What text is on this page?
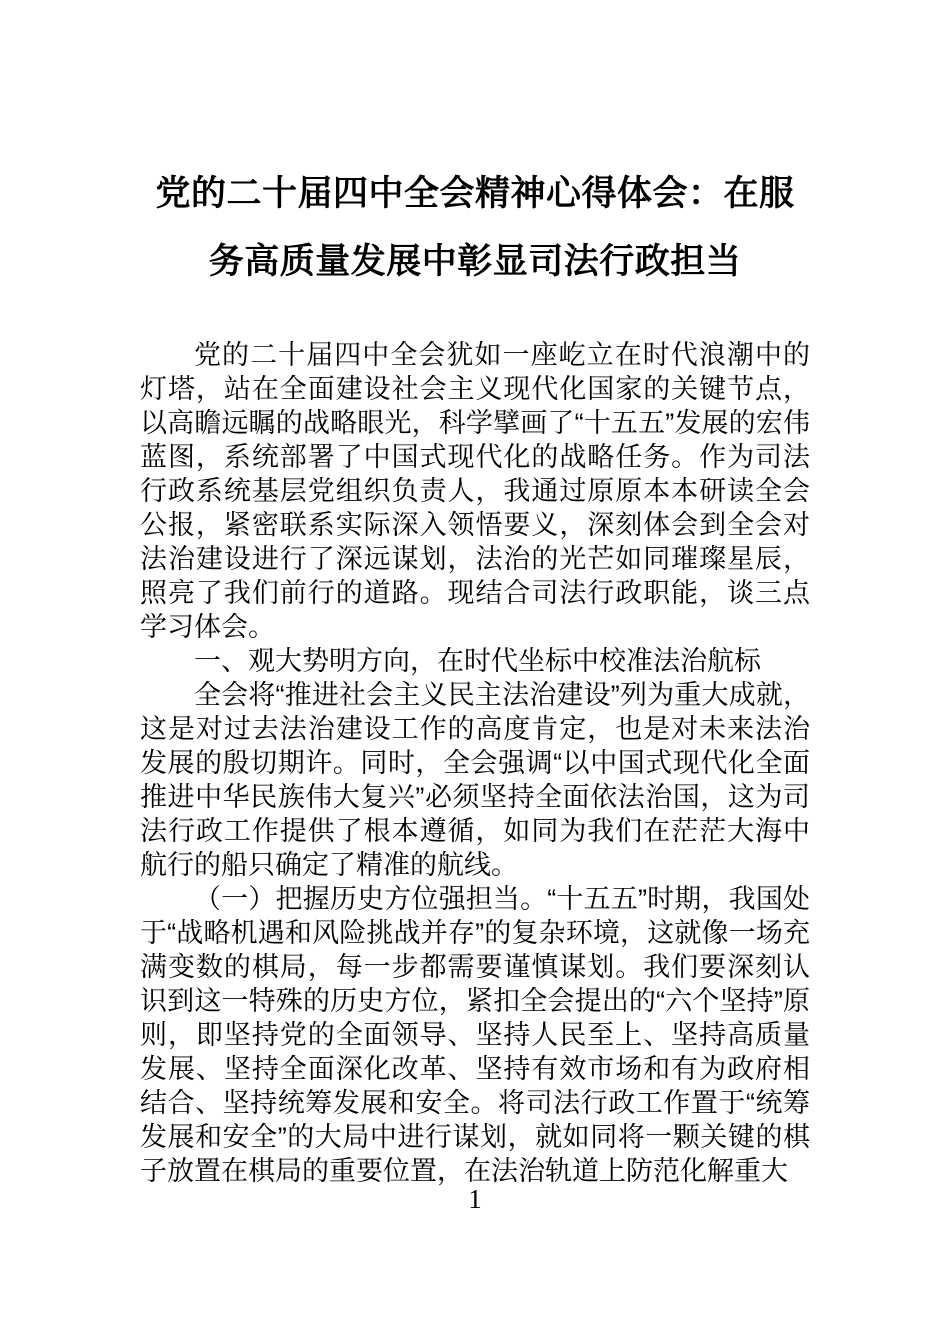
党的二十届四中全会精神心得体会：在服
务高质量发展中彰显司法行政担当

党的二十届四中全会犹如一座屹立在时代浪潮中的灯塔，站在全面建设社会主义现代化国家的关键节点，以高瞻远瞩的战略眼光，科学擘画了“十五五”发展的宏伟蓝图，系统部署了中国式现代化的战略任务。作为司法行政系统基层党组织负责人，我通过原原本本研读全会公报，紧密联系实际深入领悟要义，深刻体会到全会对法治建设进行了深远谋划，法治的光芒如同璀璨星辰，照亮了我们前行的道路。现结合司法行政职能，谈三点学习体会。

一、观大势明方向，在时代坐标中校准法治航标

全会将“推进社会主义民主法治建设”列为重大成就，这是对过去法治建设工作的高度肯定，也是对未来法治发展的殷切期许。同时，全会强调“以中国式现代化全面推进中华民族伟大复兴”必须坚持全面依法治国，这为司法行政工作提供了根本遵循，如同为我们在茫茫大海中航行的船只确定了精准的航线。

（一）把握历史方位强担当。“十五五”时期，我国处于“战略机遇和风险挑战并存”的复杂环境，这就像一场充满变数的棋局，每一步都需要谨慎谋划。我们要深刻认识到这一特殊的历史方位，紧扣全会提出的“六个坚持”原则，即坚持党的全面领导、坚持人民至上、坚持高质量发展、坚持全面深化改革、坚持有效市场和有为政府相结合、坚持统筹发展和安全。将司法行政工作置于“统筹发展和安全”的大局中进行谋划，就如同将一颗关键的棋子放置在棋局的重要位置，在法治轨道上防范化解重大

1
